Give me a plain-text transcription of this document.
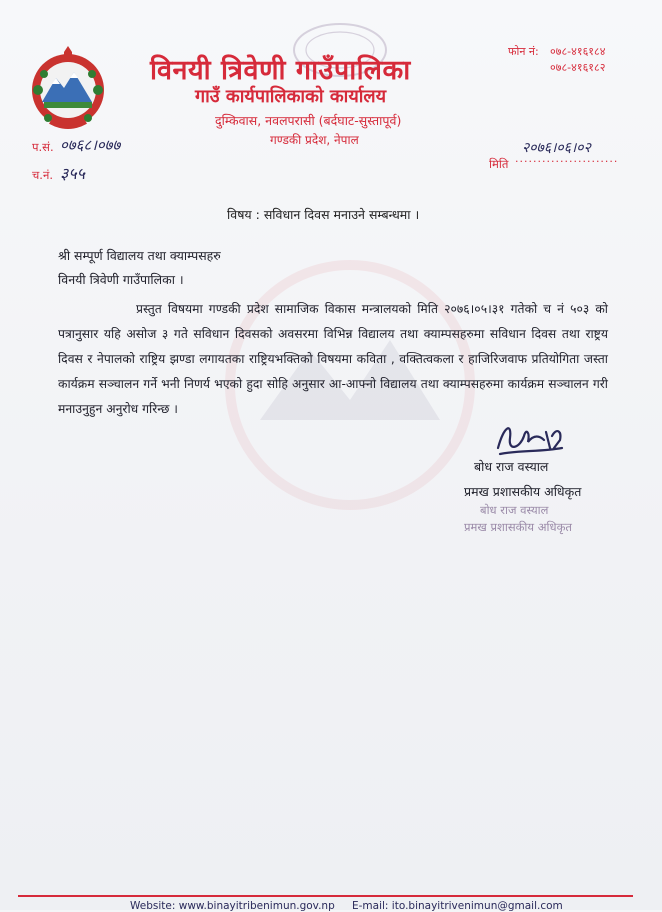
विनयी त्रिवेणी गाउँपालिका
गाउँ कार्यपालिकाको कार्यालय
दुम्किवास, नवलपरासी (बर्दघाट-सुस्तापूर्व)
गण्डकी प्रदेश, नेपाल
फोन नं: ०७८-४१६१८४
०७८-४१६१८२
प.सं. ०७६८।०७७
च.नं. ३५५
२०७६।०६।०२
मिति .......................
विषय : सविधान दिवस मनाउने सम्बन्धमा ।
श्री सम्पूर्ण विद्यालय तथा क्याम्पसहरु
विनयी त्रिवेणी गाउँपालिका ।
प्रस्तुत विषयमा गण्डकी प्रदेश सामाजिक विकास मन्त्रालयको मिति २०७६।०५।३१ गतेको च नं ५०३ को पत्रानुसार यहि असोज ३ गते सविधान दिवसको अवसरमा विभिन्न विद्यालय तथा क्याम्पसहरुमा सविधान दिवस तथा राष्ट्रय दिवस र नेपालको राष्ट्रिय झण्डा लगायतका राष्ट्रियभक्तिको विषयमा कविता , वक्तित्वकला र हाजिरिजवाफ प्रतियोगिता जस्ता कार्यक्रम सञ्चालन गर्ने भनी निणर्य भएको हुदा सोहि अनुसार आ-आफ्नो विद्यालय तथा क्याम्पसहरुमा कार्यक्रम सञ्चालन गरी मनाउनुहुन अनुरोध गरिन्छ ।
बोध राज वस्याल
प्रमख प्रशासकीय अधिकृत
बोध राज वस्याल
प्रमख प्रशासकीय अधिकृत
Website: www.binayitribenimun.gov.np E-mail: ito.binayitrivenimun@gmail.com
